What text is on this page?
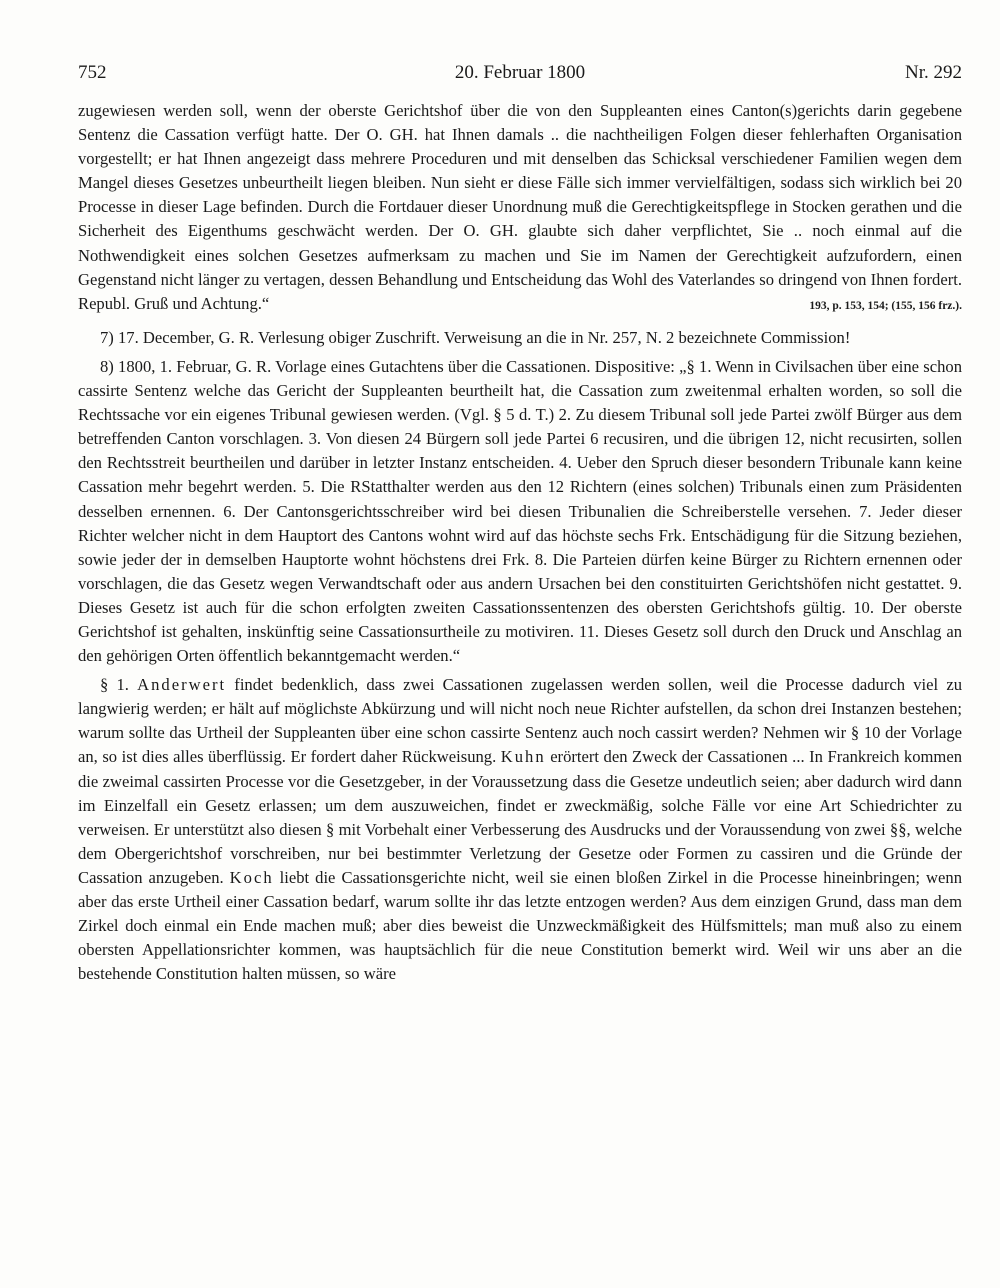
752	20. Februar 1800	Nr. 292

zugewiesen werden soll, wenn der oberste Gerichtshof über die von den Suppleanten eines Canton(s)gerichts darin gegebene Sentenz die Cassation verfügt hatte. Der O. GH. hat Ihnen damals .. die nachtheiligen Folgen dieser fehlerhaften Organisation vorgestellt; er hat Ihnen angezeigt dass mehrere Proceduren und mit denselben das Schicksal verschiedener Familien wegen dem Mangel dieses Gesetzes unbeurtheilt liegen bleiben. Nun sieht er diese Fälle sich immer vervielfältigen, sodass sich wirklich bei 20 Processe in dieser Lage befinden. Durch die Fortdauer dieser Unordnung muß die Gerechtigkeitspflege in Stocken gerathen und die Sicherheit des Eigenthums geschwächt werden. Der O. GH. glaubte sich daher verpflichtet, Sie .. noch einmal auf die Nothwendigkeit eines solchen Gesetzes aufmerksam zu machen und Sie im Namen der Gerechtigkeit aufzufordern, einen Gegenstand nicht länger zu vertagen, dessen Behandlung und Entscheidung das Wohl des Vaterlandes so dringend von Ihnen fordert. Republ. Gruß und Achtung.“	193, p. 153, 154; (155, 156 frz.).

7) 17. December, G. R. Verlesung obiger Zuschrift. Verweisung an die in Nr. 257, N. 2 bezeichnete Commission!

8) 1800, 1. Februar, G. R. Vorlage eines Gutachtens über die Cassationen. Dispositive: „§ 1. Wenn in Civilsachen über eine schon cassirte Sentenz welche das Gericht der Suppleanten beurtheilt hat, die Cassation zum zweitenmal erhalten worden, so soll die Rechtssache vor ein eigenes Tribunal gewiesen werden. (Vgl. § 5 d. T.) 2. Zu diesem Tribunal soll jede Partei zwölf Bürger aus dem betreffenden Canton vorschlagen. 3. Von diesen 24 Bürgern soll jede Partei 6 recusiren, und die übrigen 12, nicht recusirten, sollen den Rechtsstreit beurtheilen und darüber in letzter Instanz entscheiden. 4. Ueber den Spruch dieser besondern Tribunale kann keine Cassation mehr begehrt werden. 5. Die RStatthalter werden aus den 12 Richtern (eines solchen) Tribunals einen zum Präsidenten desselben ernennen. 6. Der Cantonsgerichtsschreiber wird bei diesen Tribunalien die Schreiberstelle versehen. 7. Jeder dieser Richter welcher nicht in dem Hauptort des Cantons wohnt wird auf das höchste sechs Frk. Entschädigung für die Sitzung beziehen, sowie jeder der in demselben Hauptorte wohnt höchstens drei Frk. 8. Die Parteien dürfen keine Bürger zu Richtern ernennen oder vorschlagen, die das Gesetz wegen Verwandtschaft oder aus andern Ursachen bei den constituirten Gerichtshöfen nicht gestattet. 9. Dieses Gesetz ist auch für die schon erfolgten zweiten Cassationssentenzen des obersten Gerichtshofs gültig. 10. Der oberste Gerichtshof ist gehalten, inskünftig seine Cassationsurtheile zu motiviren. 11. Dieses Gesetz soll durch den Druck und Anschlag an den gehörigen Orten öffentlich bekanntgemacht werden.“

§ 1. Anderwert findet bedenklich, dass zwei Cassationen zugelassen werden sollen, weil die Processe dadurch viel zu langwierig werden; er hält auf möglichste Abkürzung und will nicht noch neue Richter aufstellen, da schon drei Instanzen bestehen; warum sollte das Urtheil der Suppleanten über eine schon cassirte Sentenz auch noch cassirt werden? Nehmen wir § 10 der Vorlage an, so ist dies alles überflüssig. Er fordert daher Rückweisung. Kuhn erörtert den Zweck der Cassationen ... In Frankreich kommen die zweimal cassirten Processe vor die Gesetzgeber, in der Voraussetzung dass die Gesetze undeutlich seien; aber dadurch wird dann im Einzelfall ein Gesetz erlassen; um dem auszuweichen, findet er zweckmäßig, solche Fälle vor eine Art Schiedrichter zu verweisen. Er unterstützt also diesen § mit Vorbehalt einer Verbesserung des Ausdrucks und der Voraussendung von zwei §§, welche dem Obergerichtshof vorschreiben, nur bei bestimmter Verletzung der Gesetze oder Formen zu cassiren und die Gründe der Cassation anzugeben. Koch liebt die Cassationsgerichte nicht, weil sie einen bloßen Zirkel in die Processe hineinbringen; wenn aber das erste Urtheil einer Cassation bedarf, warum sollte ihr das letzte entzogen werden? Aus dem einzigen Grund, dass man dem Zirkel doch einmal ein Ende machen muß; aber dies beweist die Unzweckmäßigkeit des Hülfsmittels; man muß also zu einem obersten Appellationsrichter kommen, was hauptsächlich für die neue Constitution bemerkt wird. Weil wir uns aber an die bestehende Constitution halten müssen, so wäre
